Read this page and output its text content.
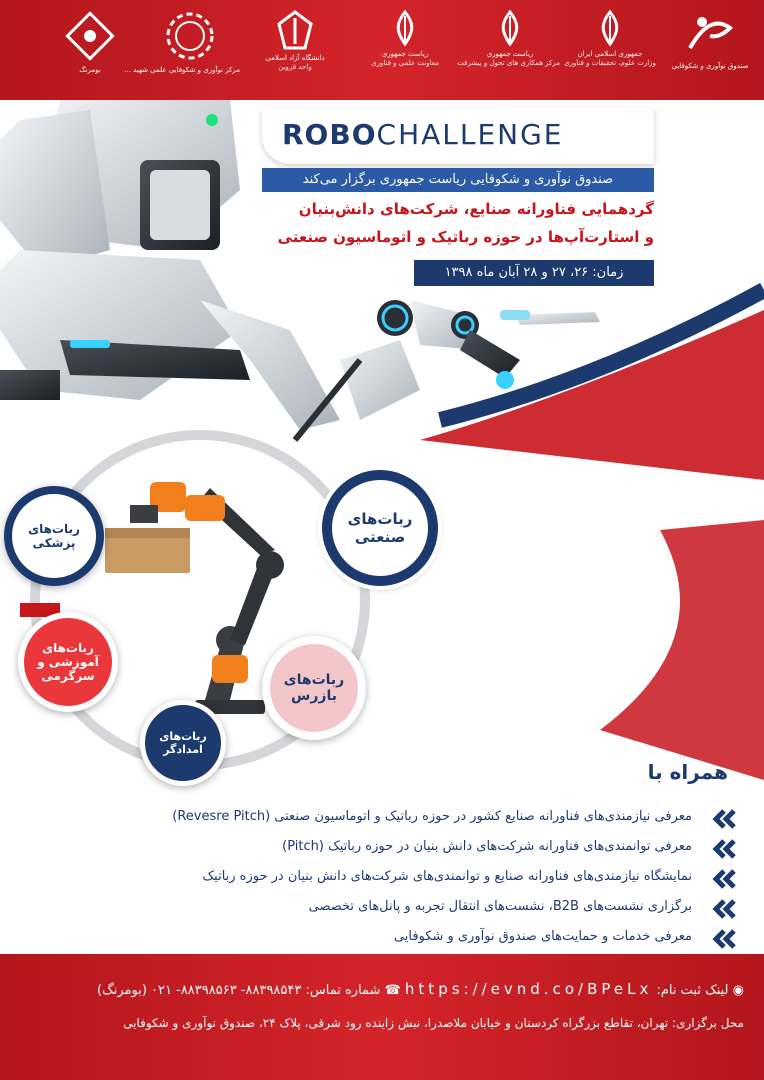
صندوق نوآوری و شکوفایی
جمهوری اسلامی ایران
وزارت علوم، تحقیقات و فناوری
ریاست جمهوری
مرکز همکاری های تحول و پیشرفت
ریاست جمهوری
معاونت علمی و فناوری
دانشگاه آزاد اسلامی
واحد قزوین
مرکز نوآوری و شکوفایی علمی شهید ...
بومرنگ
ROBOCHALLENGE
صندوق نوآوری و شکوفایی ریاست جمهوری برگزار می‌کند
گردهمایی فناورانه صنایع، شرکت‌های دانش‌بنیان
و استارت‌آپ‌ها در حوزه رباتیک و اتوماسیون صنعتی
زمان: ۲۶، ۲۷ و ۲۸ آبان ماه ۱۳۹۸
ربات‌های
صنعتی
ربات‌های
پزشکی
ربات‌های
آموزشی و
سرگرمی	ربات‌های
بازرس
ربات‌های
امدادگر
همراه با
معرفی نیازمندی‌های فناورانه صنایع کشور در حوزه رباتیک و اتوماسیون صنعتی (Revesre Pitch)
معرفی توانمندی‌های فناورانه شرکت‌های دانش بنیان در حوزه رباتیک (Pitch)
نمایشگاه نیازمندی‌های فناورانه صنایع و توانمندی‌های شرکت‌های دانش بنیان در حوزه رباتیک
برگزاری نشست‌های B2B، نشست‌های انتقال تجربه و پانل‌های تخصصی
معرفی خدمات و حمایت‌های صندوق نوآوری و شکوفایی
◉ لینک ثبت نام: https://evnd.co/BPeLx ☎ شماره تماس: ۸۸۳۹۸۵۴۳- ۸۸۳۹۸۵۶۳- ۰۲۱ (بومرنگ)
محل برگزاری: تهران، تقاطع بزرگراه کردستان و خیابان ملاصدرا، نبش زاینده رود شرقی، پلاک ۲۴، صندوق نوآوری و شکوفایی
